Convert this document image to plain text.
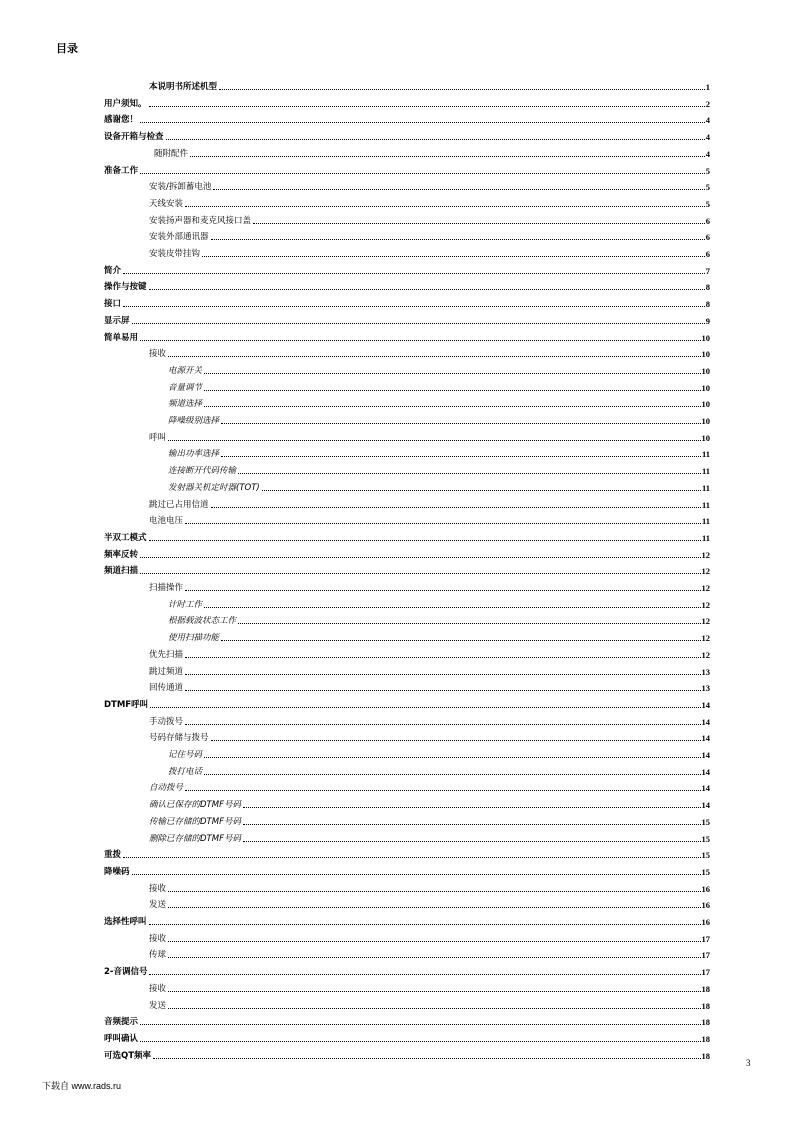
目录
本说明书所述机型	1
用户须知。	2
感谢您！	4
设备开箱与检查	4
随附配件	4
准备工作	5
安装/拆卸蓄电池	5
天线安装	5
安装扬声器和麦克风接口盖	6
安装外部通讯器	6
安装皮带挂钩	6
简介	7
操作与按键	8
接口	8
显示屏	9
简单易用	10
接收	10
电源开关	10
音量调节	10
频道选择	10
降噪级别选择	10
呼叫	10
输出功率选择	11
连接断开代码传输	11
发射器关机定时器(TOT)	11
跳过已占用信道	11
电池电压	11
半双工模式	11
频率反转	12
频道扫描	12
扫描操作	12
计时工作	12
根据载波状态工作	12
使用扫描功能	12
优先扫描	12
跳过频道	13
回传通道	13
DTMF呼叫	14
手动拨号	14
号码存储与拨号	14
记住号码	14
拨打电话	14
自动拨号	14
确认已保存的DTMF号码	14
传输已存储的DTMF号码	15
删除已存储的DTMF号码	15
重拨	15
降噪码	15
接收	16
发送	16
选择性呼叫	16
接收	17
传球	17
2-音调信号	17
接收	18
发送	18
音频提示	18
呼叫确认	18
可选QT频率	18
3
下载自 www.rads.ru
